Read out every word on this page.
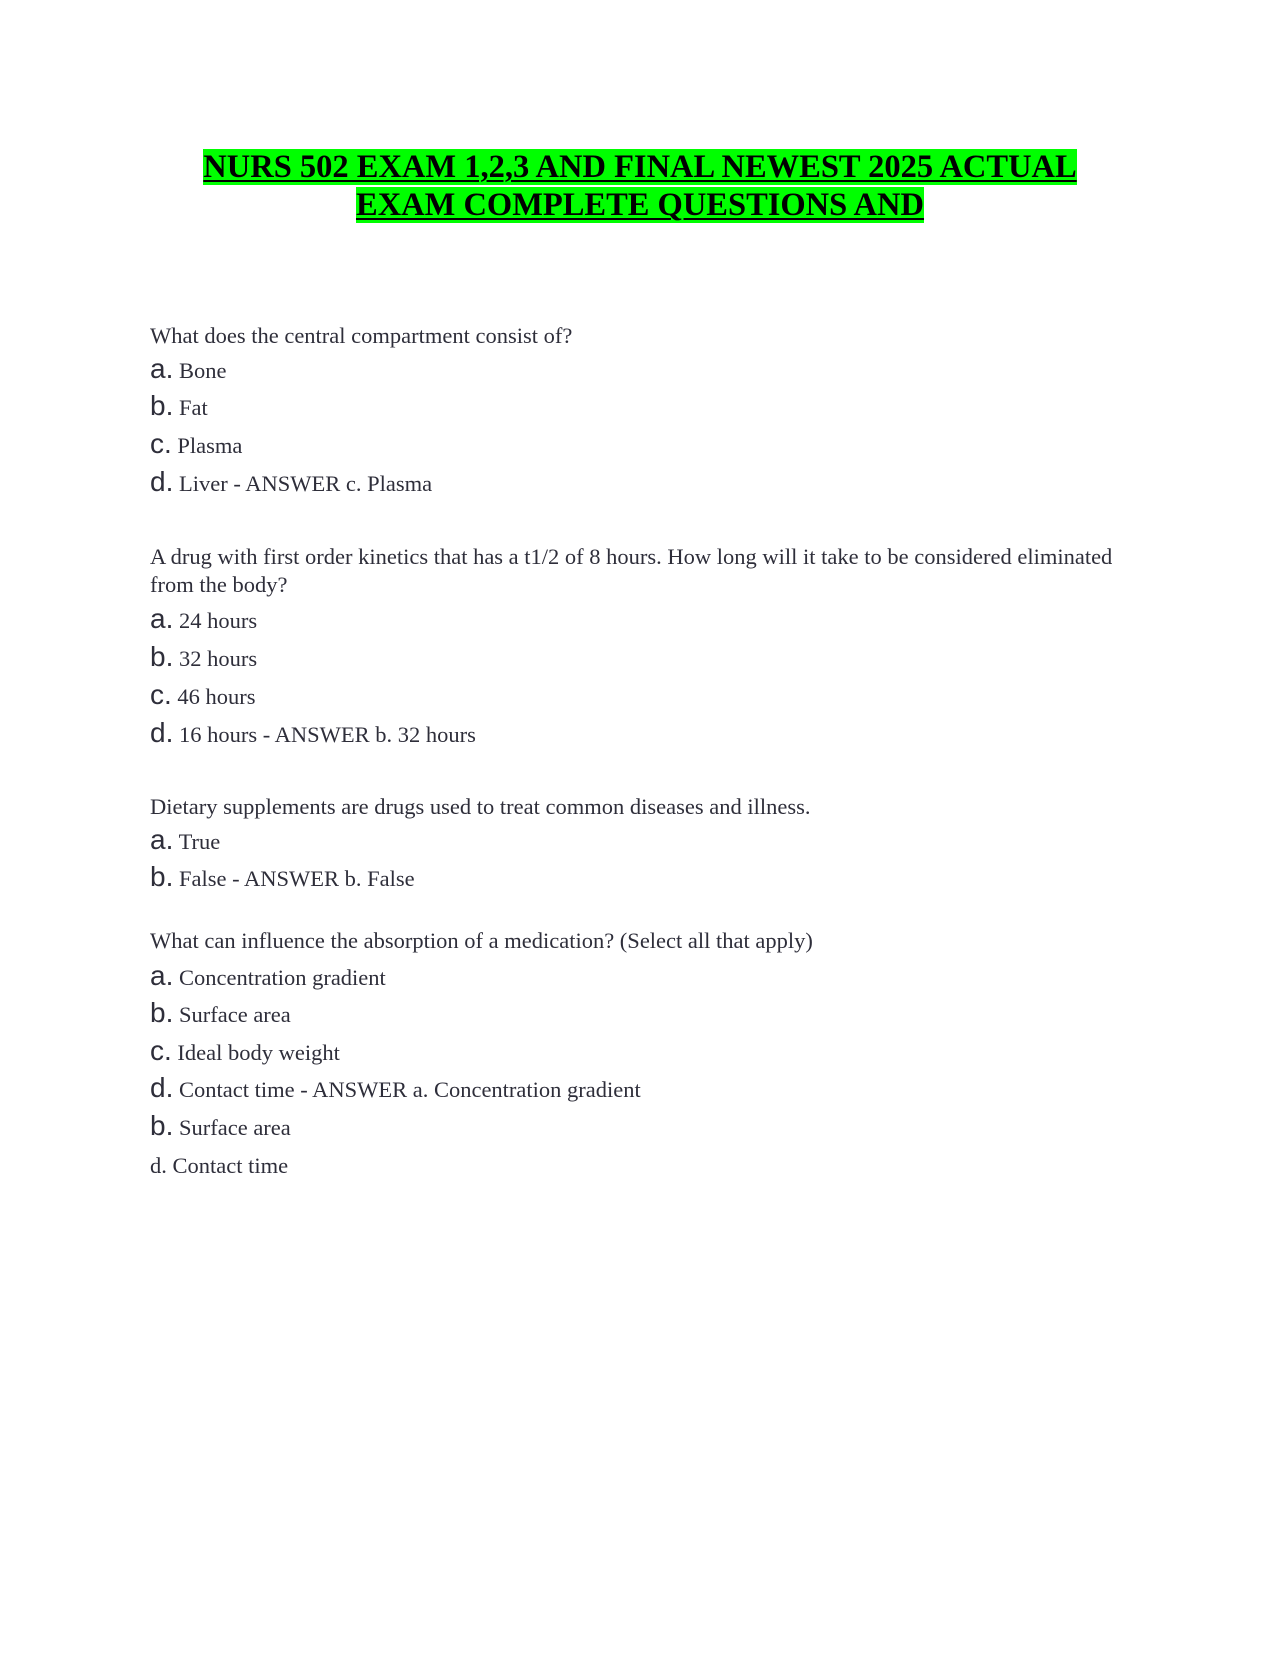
NURS 502 EXAM 1,2,3 AND FINAL NEWEST 2025 ACTUAL
EXAM COMPLETE QUESTIONS AND

What does the central compartment consist of?

a. Bone

b. Fat

c. Plasma

d. Liver - ANSWER c. Plasma

A drug with first order kinetics that has a t1/2 of 8 hours. How long will it take to be considered eliminated from the body?

a. 24 hours

b. 32 hours

c. 46 hours

d. 16 hours - ANSWER b. 32 hours

Dietary supplements are drugs used to treat common diseases and illness.

a. True

b. False - ANSWER b. False

What can influence the absorption of a medication? (Select all that apply)

a. Concentration gradient

b. Surface area

c. Ideal body weight

d. Contact time - ANSWER a. Concentration gradient

b. Surface area

d. Contact time
